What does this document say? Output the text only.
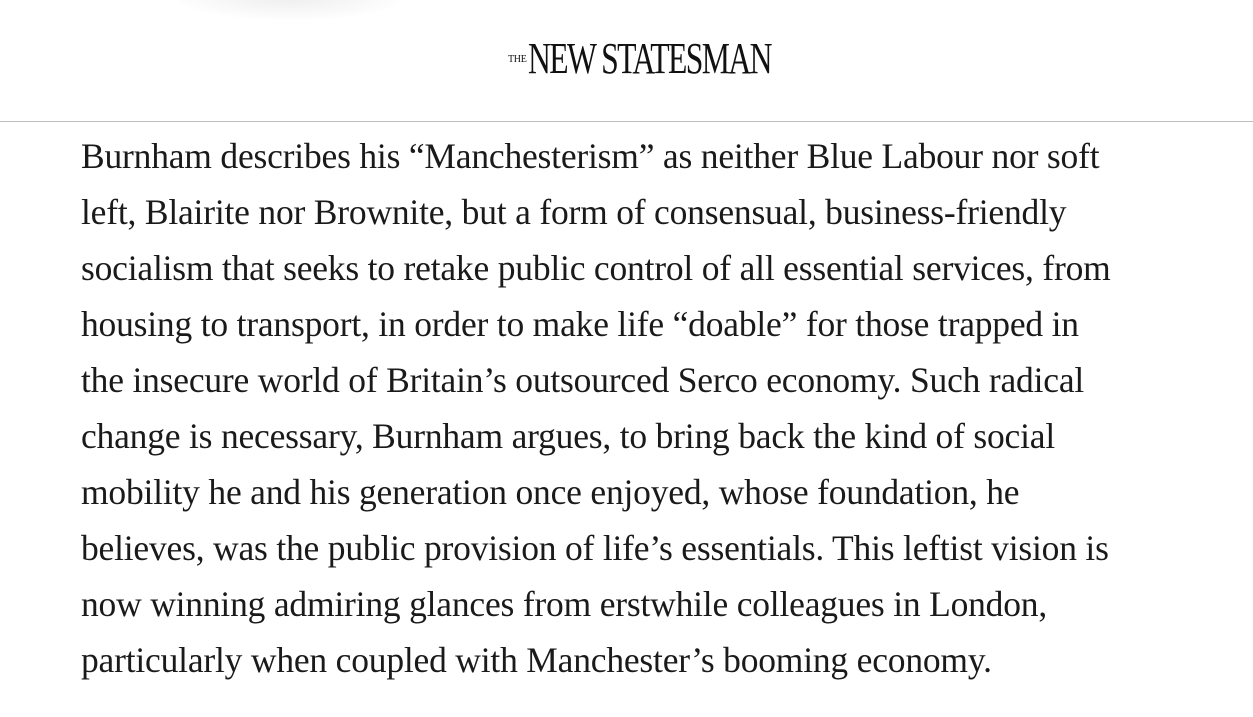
THE NEW STATESMAN

Burnham describes his “Manchesterism” as neither Blue Labour nor soft
left, Blairite nor Brownite, but a form of consensual, business-friendly
socialism that seeks to retake public control of all essential services, from
housing to transport, in order to make life “doable” for those trapped in
the insecure world of Britain’s outsourced Serco economy. Such radical
change is necessary, Burnham argues, to bring back the kind of social
mobility he and his generation once enjoyed, whose foundation, he
believes, was the public provision of life’s essentials. This leftist vision is
now winning admiring glances from erstwhile colleagues in London,
particularly when coupled with Manchester’s booming economy.
